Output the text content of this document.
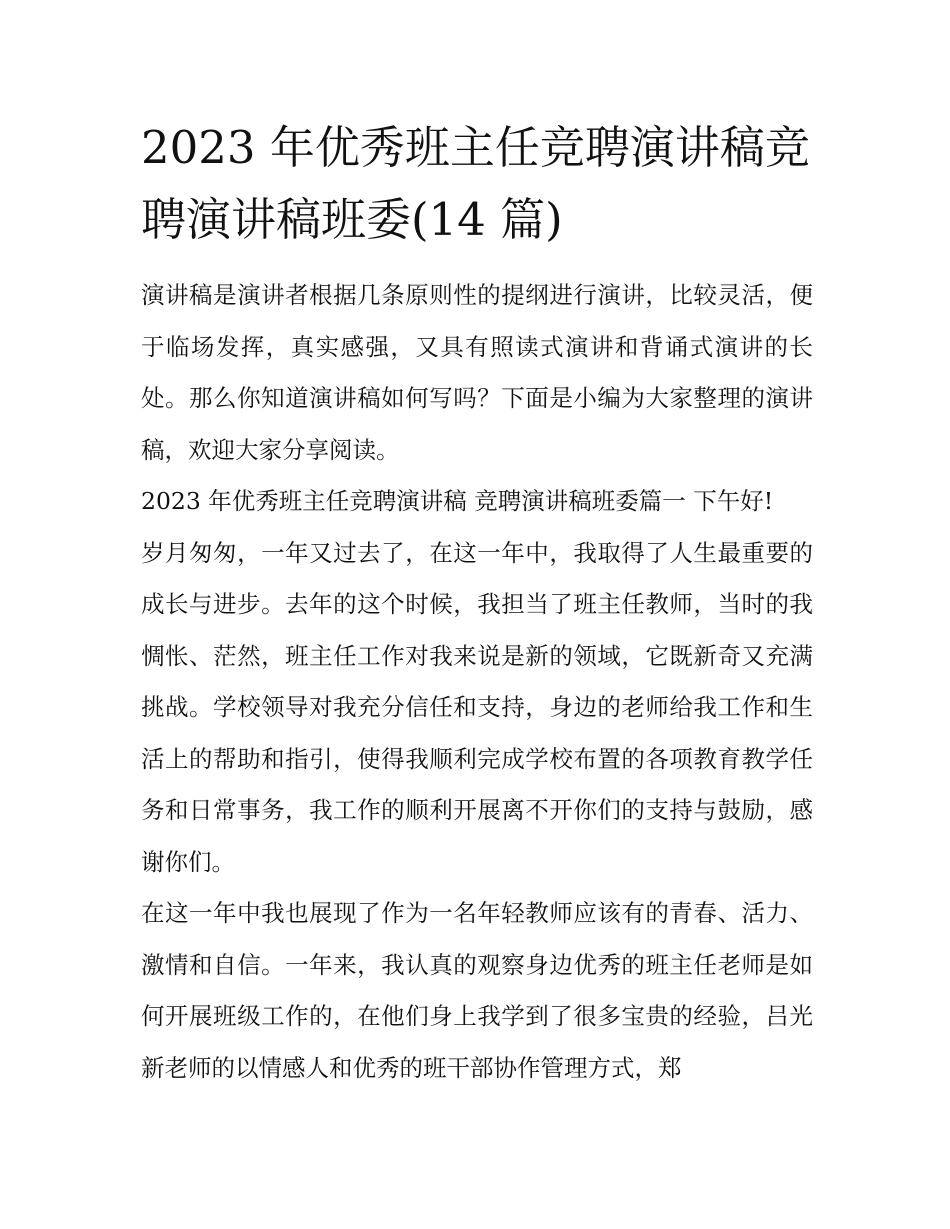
2023 年优秀班主任竞聘演讲稿竞聘演讲稿班委(14 篇)

演讲稿是演讲者根据几条原则性的提纲进行演讲，比较灵活，便于临场发挥，真实感强，又具有照读式演讲和背诵式演讲的长处。那么你知道演讲稿如何写吗？下面是小编为大家整理的演讲稿，欢迎大家分享阅读。

2023 年优秀班主任竞聘演讲稿 竞聘演讲稿班委篇一 下午好!

岁月匆匆，一年又过去了，在这一年中，我取得了人生最重要的成长与进步。去年的这个时候，我担当了班主任教师，当时的我惆怅、茫然，班主任工作对我来说是新的领域，它既新奇又充满挑战。学校领导对我充分信任和支持，身边的老师给我工作和生活上的帮助和指引，使得我顺利完成学校布置的各项教育教学任务和日常事务，我工作的顺利开展离不开你们的支持与鼓励，感谢你们。

在这一年中我也展现了作为一名年轻教师应该有的青春、活力、激情和自信。一年来，我认真的观察身边优秀的班主任老师是如何开展班级工作的，在他们身上我学到了很多宝贵的经验，吕光新老师的以情感人和优秀的班干部协作管理方式，郑
